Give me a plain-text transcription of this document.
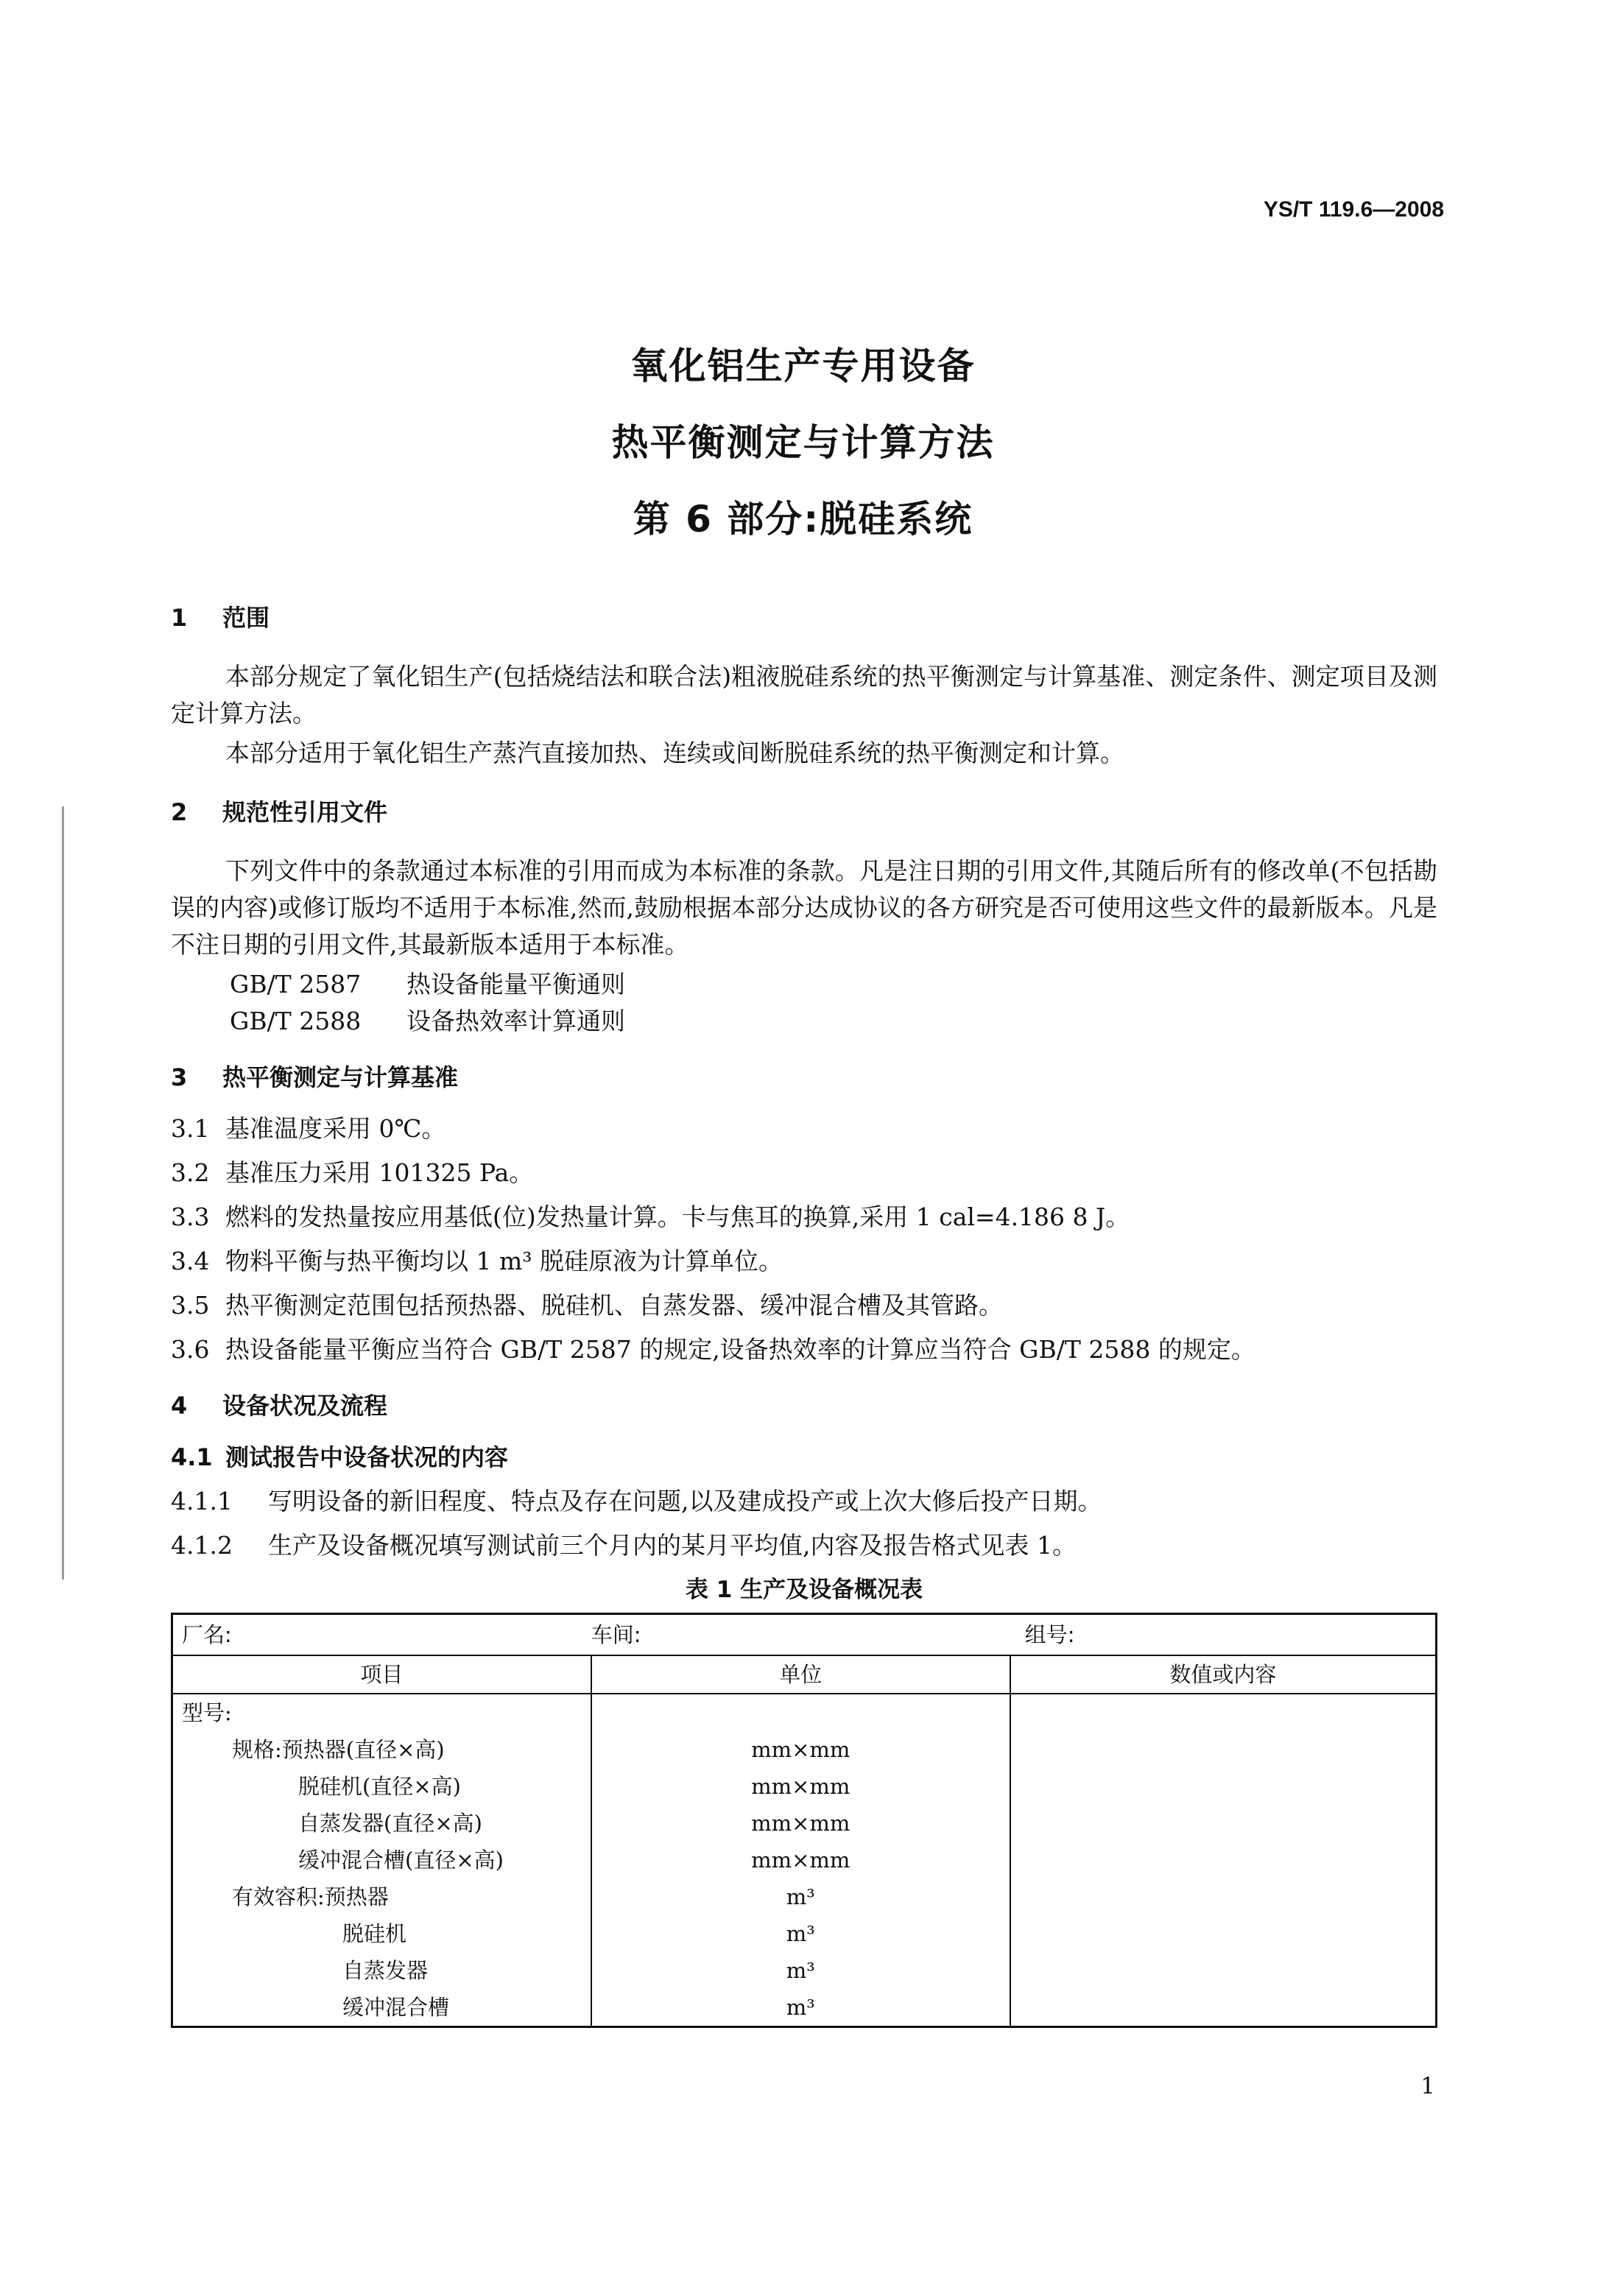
YS/T 119.6—2008
氧化铝生产专用设备
热平衡测定与计算方法
第 6 部分:脱硅系统
1 范围

本部分规定了氧化铝生产(包括烧结法和联合法)粗液脱硅系统的热平衡测定与计算基准、测定条件、测定项目及测定计算方法。

本部分适用于氧化铝生产蒸汽直接加热、连续或间断脱硅系统的热平衡测定和计算。

2 规范性引用文件

下列文件中的条款通过本标准的引用而成为本标准的条款。凡是注日期的引用文件,其随后所有的修改单(不包括勘误的内容)或修订版均不适用于本标准,然而,鼓励根据本部分达成协议的各方研究是否可使用这些文件的最新版本。凡是不注日期的引用文件,其最新版本适用于本标准。

GB/T 2587 热设备能量平衡通则

GB/T 2588 设备热效率计算通则

3 热平衡测定与计算基准

3.1 基准温度采用 0℃。

3.2 基准压力采用 101325 Pa。

3.3 燃料的发热量按应用基低(位)发热量计算。卡与焦耳的换算,采用 1 cal=4.186 8 J。

3.4 物料平衡与热平衡均以 1 m³ 脱硅原液为计算单位。

3.5 热平衡测定范围包括预热器、脱硅机、自蒸发器、缓冲混合槽及其管路。

3.6 热设备能量平衡应当符合 GB/T 2587 的规定,设备热效率的计算应当符合 GB/T 2588 的规定。

4 设备状况及流程

4.1 测试报告中设备状况的内容

4.1.1 写明设备的新旧程度、特点及存在问题,以及建成投产或上次大修后投产日期。

4.1.2 生产及设备概况填写测试前三个月内的某月平均值,内容及报告格式见表 1。

表 1 生产及设备概况表
厂名:	车间:	组号:
项目	单位	数值或内容
型号:		
规格:预热器(直径×高)	mm×mm	
脱硅机(直径×高)	mm×mm	
自蒸发器(直径×高)	mm×mm	
缓冲混合槽(直径×高)	mm×mm	
有效容积:预热器	m³	
脱硅机	m³	
自蒸发器	m³	
缓冲混合槽	m³	
1
